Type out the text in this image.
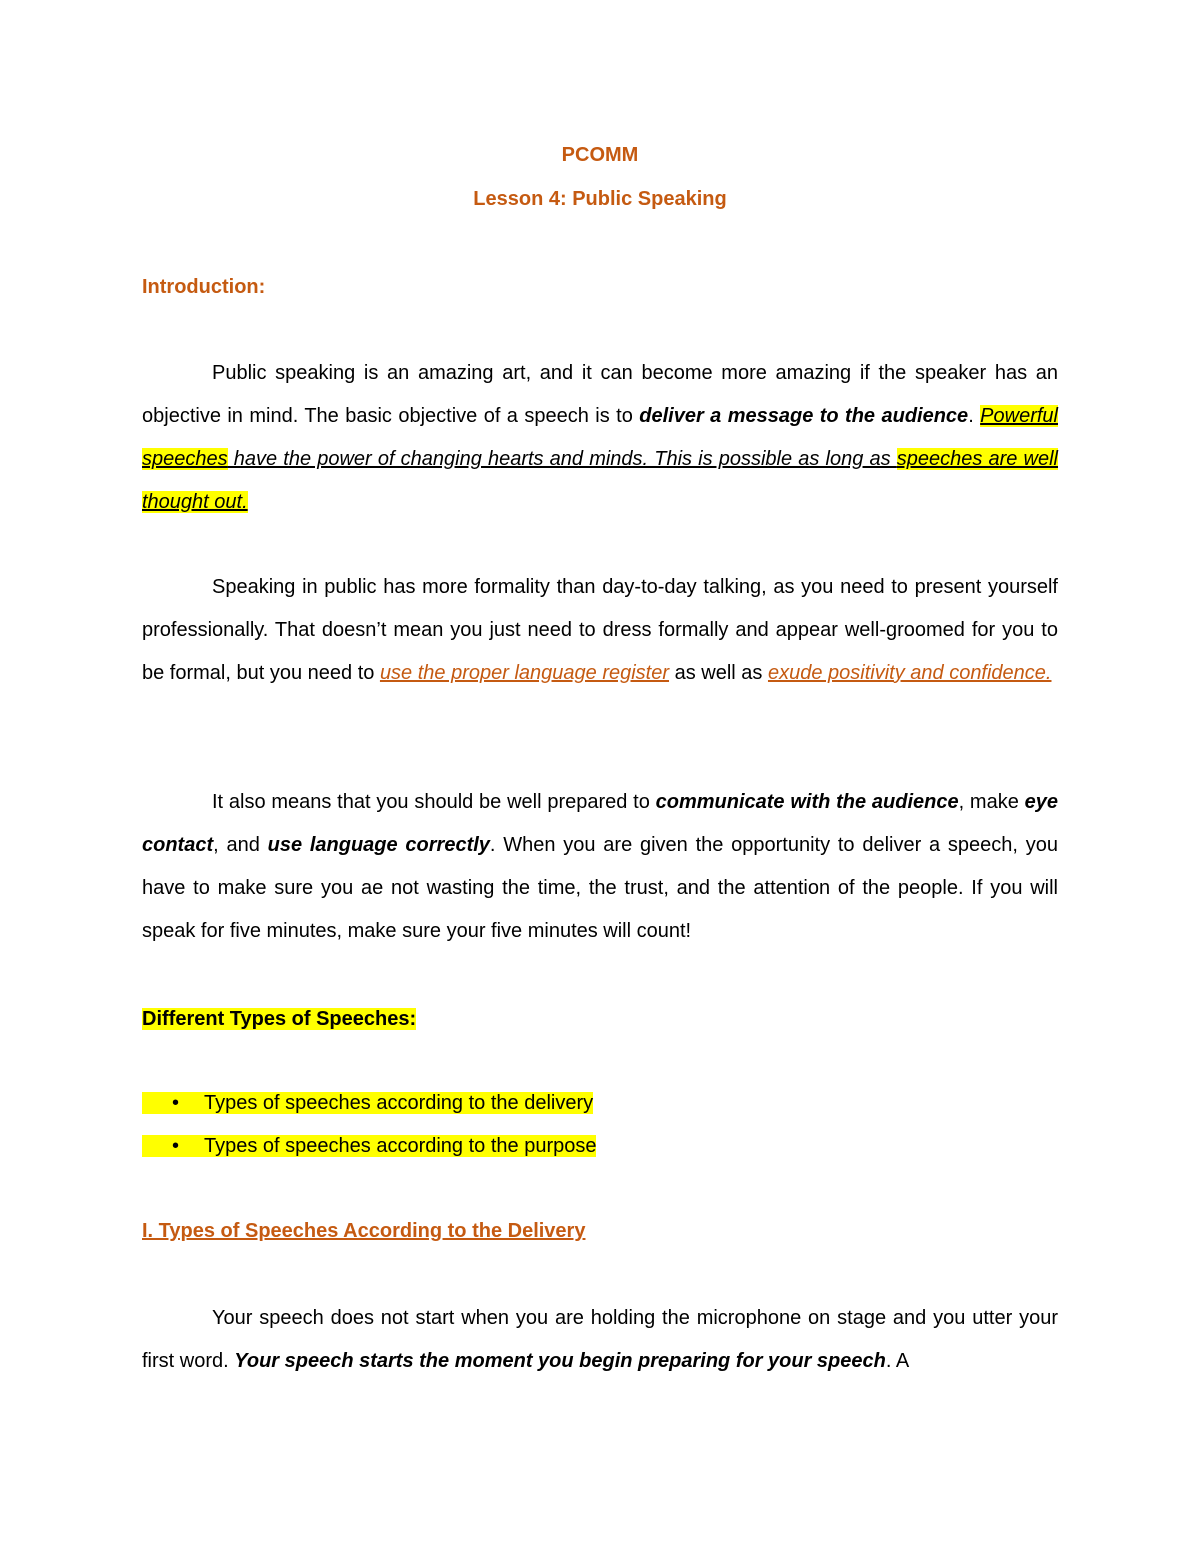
PCOMM
Lesson 4: Public Speaking
Introduction:
Public speaking is an amazing art, and it can become more amazing if the speaker has an objective in mind. The basic objective of a speech is to deliver a message to the audience. Powerful speeches have the power of changing hearts and minds. This is possible as long as speeches are well thought out.
Speaking in public has more formality than day-to-day talking, as you need to present yourself professionally. That doesn’t mean you just need to dress formally and appear well-groomed for you to be formal, but you need to use the proper language register as well as exude positivity and confidence.
It also means that you should be well prepared to communicate with the audience, make eye contact, and use language correctly. When you are given the opportunity to deliver a speech, you have to make sure you ae not wasting the time, the trust, and the attention of the people. If you will speak for five minutes, make sure your five minutes will count!
Different Types of Speeches:
• Types of speeches according to the delivery
• Types of speeches according to the purpose
I. Types of Speeches According to the Delivery
Your speech does not start when you are holding the microphone on stage and you utter your first word. Your speech starts the moment you begin preparing for your speech. A
